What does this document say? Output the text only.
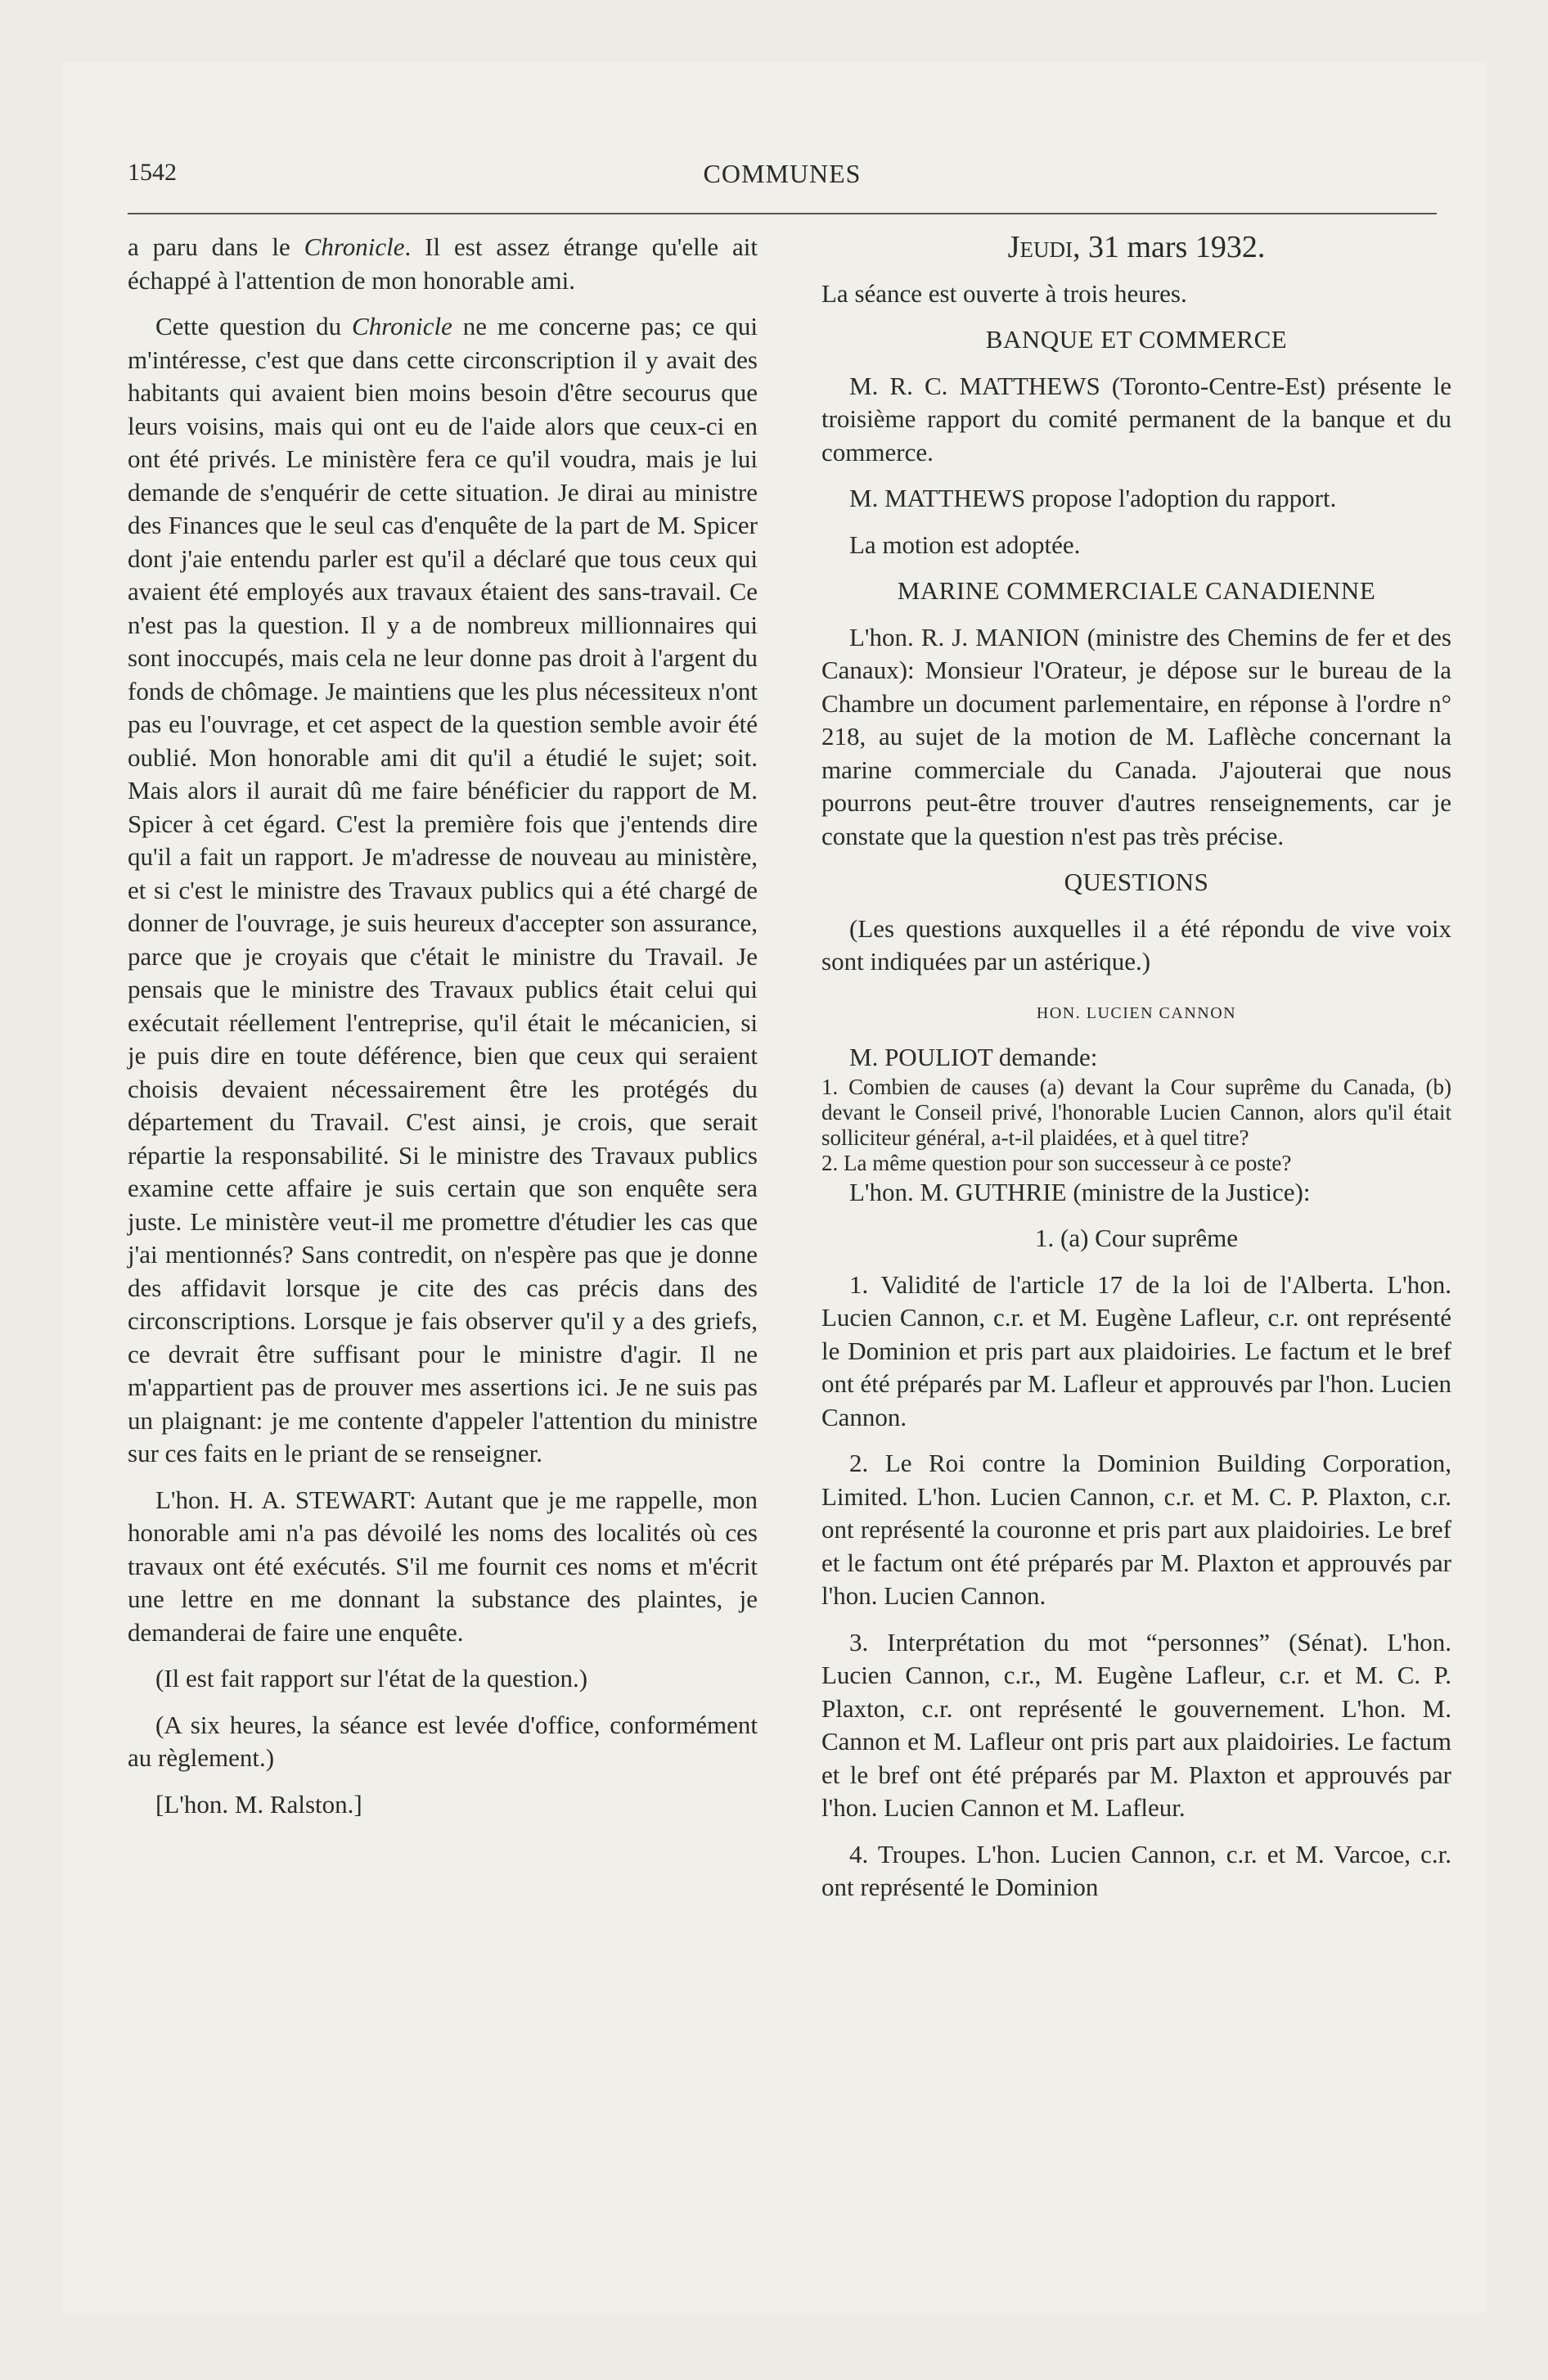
1542	COMMUNES

a paru dans le Chronicle. Il est assez étrange qu'elle ait échappé à l'attention de mon honorable ami.

Cette question du Chronicle ne me concerne pas; ce qui m'intéresse, c'est que dans cette circonscription il y avait des habitants qui avaient bien moins besoin d'être secourus que leurs voisins, mais qui ont eu de l'aide alors que ceux-ci en ont été privés. Le ministère fera ce qu'il voudra, mais je lui demande de s'enquérir de cette situation. Je dirai au ministre des Finances que le seul cas d'enquête de la part de M. Spicer dont j'aie entendu parler est qu'il a déclaré que tous ceux qui avaient été employés aux travaux étaient des sans-travail. Ce n'est pas la question. Il y a de nombreux millionnaires qui sont inoccupés, mais cela ne leur donne pas droit à l'argent du fonds de chômage. Je maintiens que les plus nécessiteux n'ont pas eu l'ouvrage, et cet aspect de la question semble avoir été oublié. Mon honorable ami dit qu'il a étudié le sujet; soit. Mais alors il aurait dû me faire bénéficier du rapport de M. Spicer à cet égard. C'est la première fois que j'entends dire qu'il a fait un rapport. Je m'adresse de nouveau au ministère, et si c'est le ministre des Travaux publics qui a été chargé de donner de l'ouvrage, je suis heureux d'accepter son assurance, parce que je croyais que c'était le ministre du Travail. Je pensais que le ministre des Travaux publics était celui qui exécutait réellement l'entreprise, qu'il était le mécanicien, si je puis dire en toute déférence, bien que ceux qui seraient choisis devaient nécessairement être les protégés du département du Travail. C'est ainsi, je crois, que serait répartie la responsabilité. Si le ministre des Travaux publics examine cette affaire je suis certain que son enquête sera juste. Le ministère veut-il me promettre d'étudier les cas que j'ai mentionnés? Sans contredit, on n'espère pas que je donne des affidavit lorsque je cite des cas précis dans des circonscriptions. Lorsque je fais observer qu'il y a des griefs, ce devrait être suffisant pour le ministre d'agir. Il ne m'appartient pas de prouver mes assertions ici. Je ne suis pas un plaignant: je me contente d'appeler l'attention du ministre sur ces faits en le priant de se renseigner.

L'hon. H. A. STEWART: Autant que je me rappelle, mon honorable ami n'a pas dévoilé les noms des localités où ces travaux ont été exécutés. S'il me fournit ces noms et m'écrit une lettre en me donnant la substance des plaintes, je demanderai de faire une enquête.

(Il est fait rapport sur l'état de la question.)

(A six heures, la séance est levée d'office, conformément au règlement.)

[L'hon. M. Ralston.]

Jeudi, 31 mars 1932.

La séance est ouverte à trois heures.

BANQUE ET COMMERCE

M. R. C. MATTHEWS (Toronto-Centre-Est) présente le troisième rapport du comité permanent de la banque et du commerce.

M. MATTHEWS propose l'adoption du rapport.

La motion est adoptée.

MARINE COMMERCIALE CANADIENNE

L'hon. R. J. MANION (ministre des Chemins de fer et des Canaux): Monsieur l'Orateur, je dépose sur le bureau de la Chambre un document parlementaire, en réponse à l'ordre n° 218, au sujet de la motion de M. Laflèche concernant la marine commerciale du Canada. J'ajouterai que nous pourrons peut-être trouver d'autres renseignements, car je constate que la question n'est pas très précise.

QUESTIONS

(Les questions auxquelles il a été répondu de vive voix sont indiquées par un astérique.)

HON. LUCIEN CANNON

M. POULIOT demande:

1. Combien de causes (a) devant la Cour suprême du Canada, (b) devant le Conseil privé, l'honorable Lucien Cannon, alors qu'il était solliciteur général, a-t-il plaidées, et à quel titre?

2. La même question pour son successeur à ce poste?

L'hon. M. GUTHRIE (ministre de la Justice):

1. (a) Cour suprême

1. Validité de l'article 17 de la loi de l'Alberta. L'hon. Lucien Cannon, c.r. et M. Eugène Lafleur, c.r. ont représenté le Dominion et pris part aux plaidoiries. Le factum et le bref ont été préparés par M. Lafleur et approuvés par l'hon. Lucien Cannon.

2. Le Roi contre la Dominion Building Corporation, Limited. L'hon. Lucien Cannon, c.r. et M. C. P. Plaxton, c.r. ont représenté la couronne et pris part aux plaidoiries. Le bref et le factum ont été préparés par M. Plaxton et approuvés par l'hon. Lucien Cannon.

3. Interprétation du mot “personnes” (Sénat). L'hon. Lucien Cannon, c.r., M. Eugène Lafleur, c.r. et M. C. P. Plaxton, c.r. ont représenté le gouvernement. L'hon. M. Cannon et M. Lafleur ont pris part aux plaidoiries. Le factum et le bref ont été préparés par M. Plaxton et approuvés par l'hon. Lucien Cannon et M. Lafleur.

4. Troupes. L'hon. Lucien Cannon, c.r. et M. Varcoe, c.r. ont représenté le Dominion
